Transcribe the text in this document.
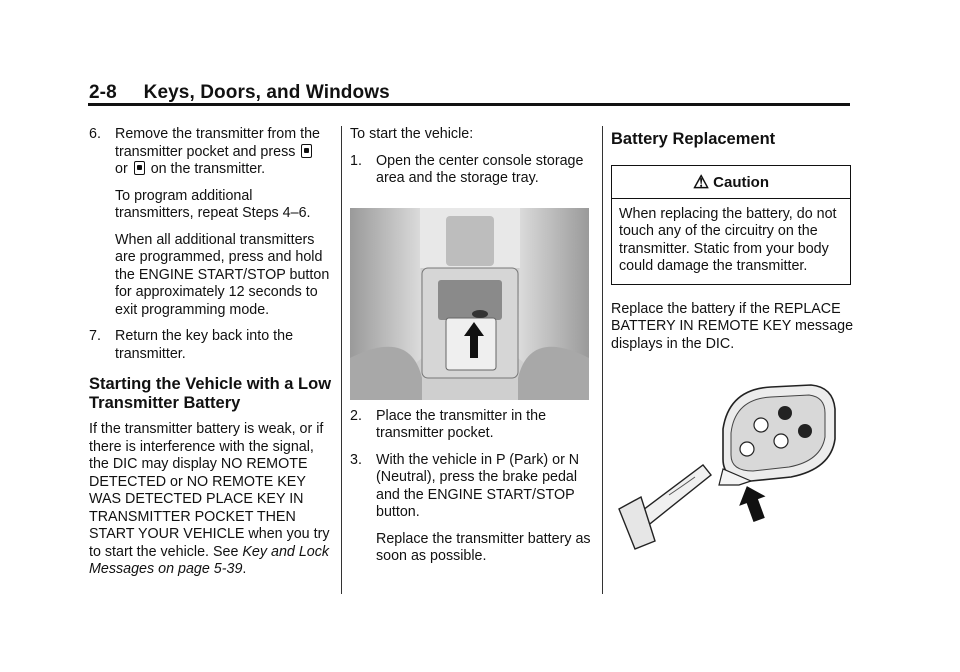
2-8     Keys, Doors, and Windows
6. Remove the transmitter from the transmitter pocket and press
or on the transmitter.
To program additional transmitters, repeat Steps 4–6.
When all additional transmitters are programmed, press and hold the ENGINE START/STOP button for approximately 12 seconds to exit programming mode.
7. Return the key back into the transmitter.
Starting the Vehicle with a Low Transmitter Battery
If the transmitter battery is weak, or if there is interference with the signal, the DIC may display NO REMOTE DETECTED or NO REMOTE KEY WAS DETECTED PLACE KEY IN TRANSMITTER POCKET THEN START YOUR VEHICLE when you try to start the vehicle. See Key and Lock Messages on page 5-39.
To start the vehicle:
1. Open the center console storage area and the storage tray.
2. Place the transmitter in the transmitter pocket.
3. With the vehicle in P (Park) or N (Neutral), press the brake pedal and the ENGINE START/STOP button.
Replace the transmitter battery as soon as possible.
Battery Replacement
⚠ Caution
When replacing the battery, do not touch any of the circuitry on the transmitter. Static from your body could damage the transmitter.
Replace the battery if the REPLACE BATTERY IN REMOTE KEY message displays in the DIC.
